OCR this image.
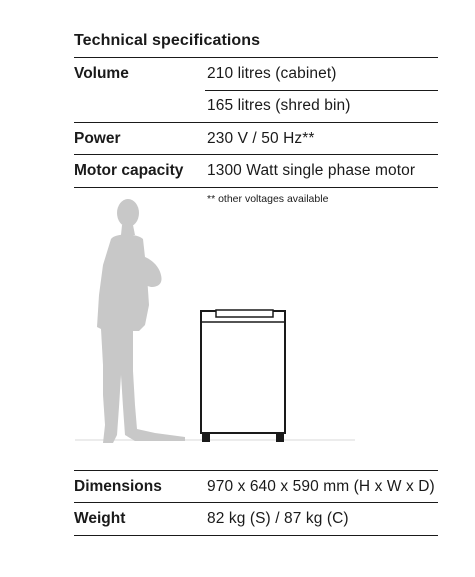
Technical specifications
Volume	210 litres (cabinet)
165 litres (shred bin)
Power	230 V / 50 Hz**
Motor capacity 1300 Watt single phase motor
** other voltages available
Dimensions	970 x 640 x 590 mm (H x W x D)
Weight	82 kg (S) / 87 kg (C)
